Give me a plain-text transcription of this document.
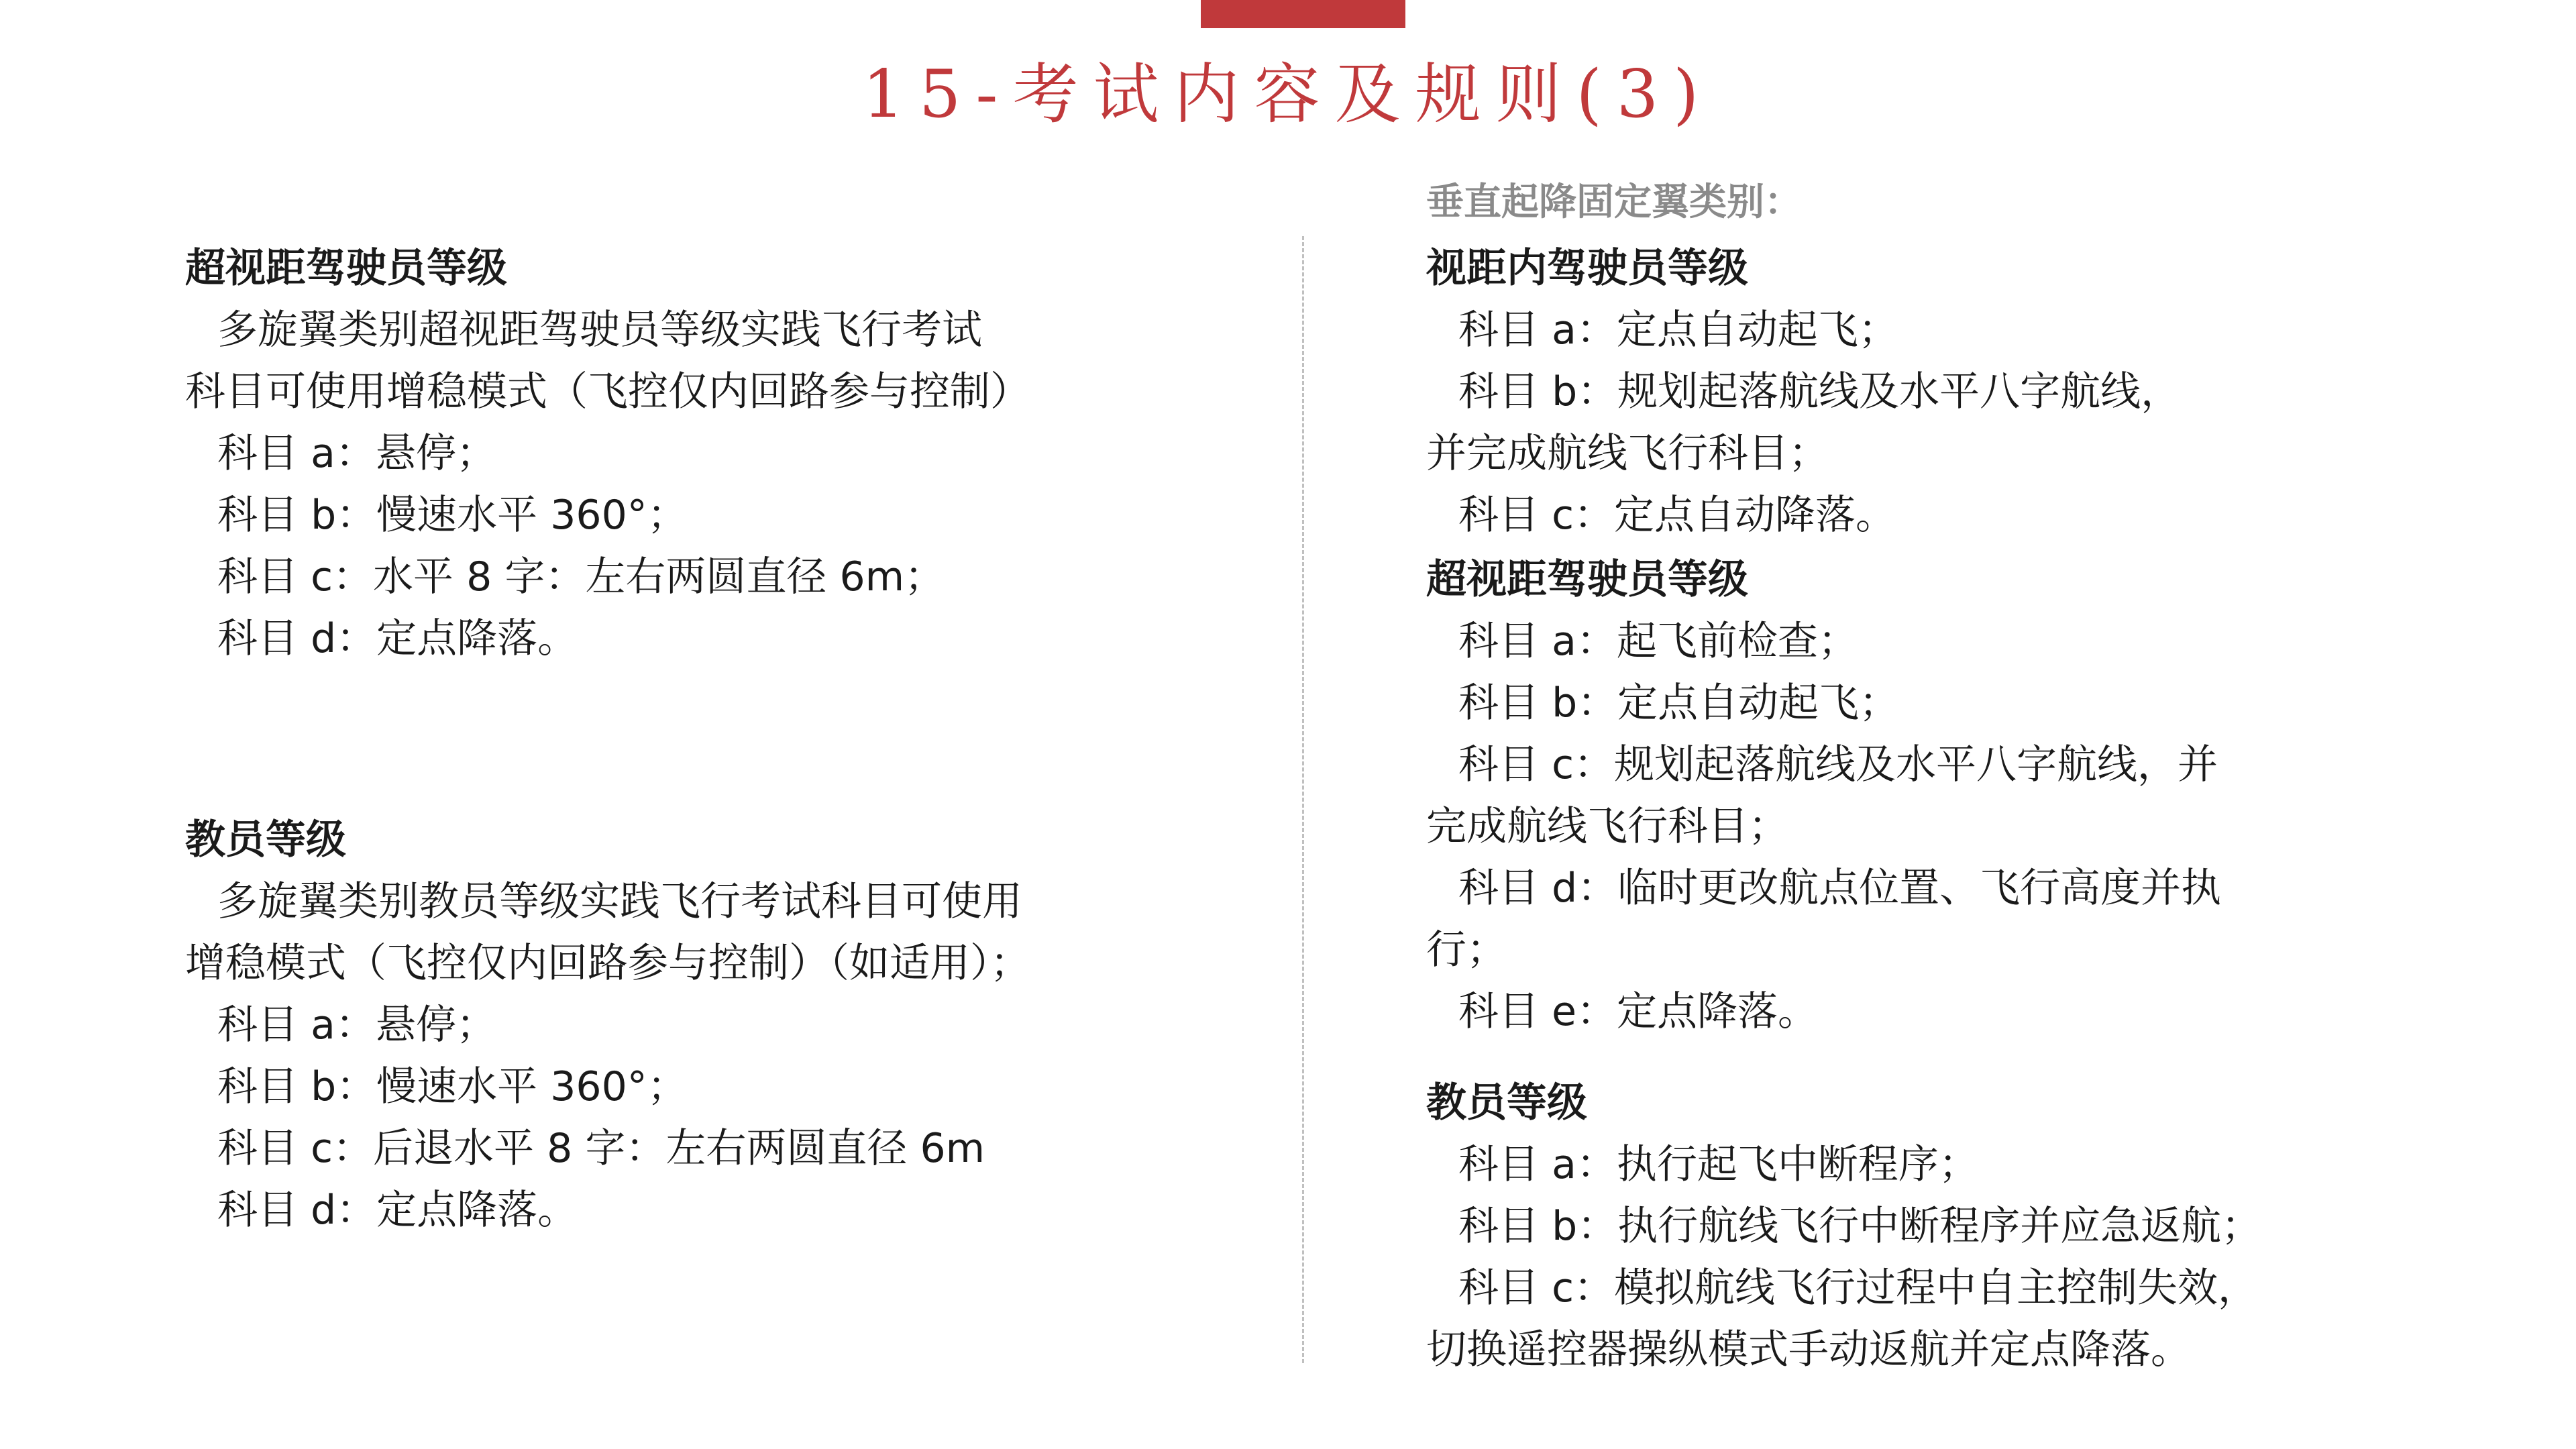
15-考试内容及规则(3)
超视距驾驶员等级
多旋翼类别超视距驾驶员等级实践飞行考试
科目可使用增稳模式（飞控仅内回路参与控制）
科目 a：悬停；
科目 b：慢速水平 360°；
科目 c：水平 8 字：左右两圆直径 6m；
科目 d：定点降落。
教员等级
多旋翼类别教员等级实践飞行考试科目可使用
增稳模式（飞控仅内回路参与控制）（如适用）；
科目 a：悬停；
科目 b：慢速水平 360°；
科目 c：后退水平 8 字：左右两圆直径 6m
科目 d：定点降落。
垂直起降固定翼类别：
视距内驾驶员等级
科目 a：定点自动起飞；
科目 b：规划起落航线及水平八字航线，
并完成航线飞行科目；
科目 c：定点自动降落。
超视距驾驶员等级
科目 a：起飞前检查；
科目 b：定点自动起飞；
科目 c：规划起落航线及水平八字航线，并
完成航线飞行科目；
科目 d：临时更改航点位置、飞行高度并执
行；
科目 e：定点降落。
教员等级
科目 a：执行起飞中断程序；
科目 b：执行航线飞行中断程序并应急返航；
科目 c：模拟航线飞行过程中自主控制失效，
切换遥控器操纵模式手动返航并定点降落。
